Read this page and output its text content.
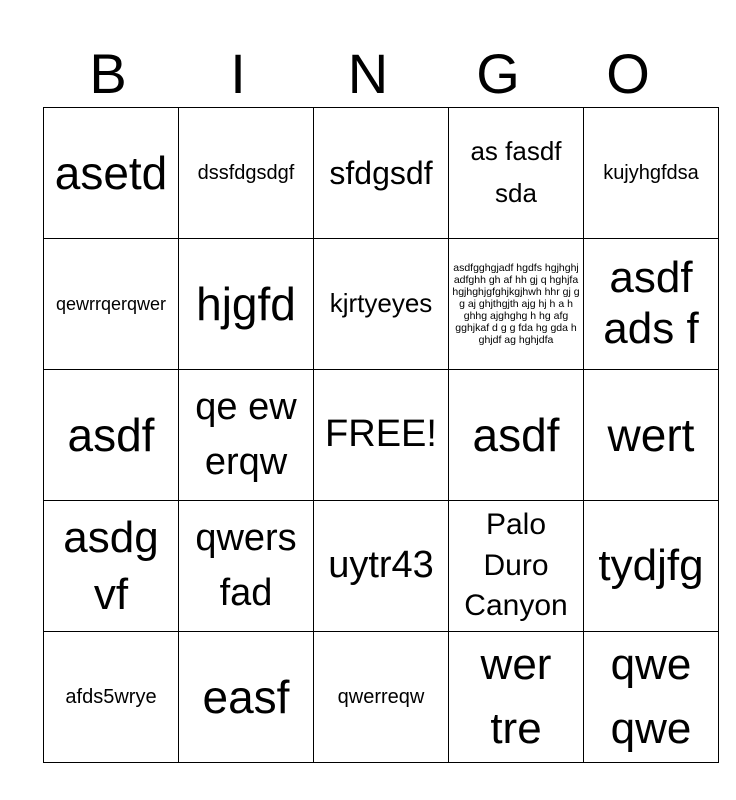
B	I	N	G	O
asetd	dssfdgsdgf	sfdgsdf	as fasdf sda	kujyhgfdsa
qewrrqerqwer	hjgfd	kjrtyeyes	asdfgghgjadf hgdfs hgjhghj adfghh gh af hh gj q hghjfa hgjhghjgfghjkgjhwh hhr gj g g aj ghjthgjth ajg hj h a h ghhg ajghghg h hg afg gghjkaf d g g fda hg gda h ghjdf ag hghjdfa	asdf ads f
asdf	qe ew erqw	FREE!	asdf	wert
asdg vf	qwers fad	uytr43	Palo Duro Canyon	tydjfg
afds5wrye	easf	qwerreqw	wer tre	qwe qwe
